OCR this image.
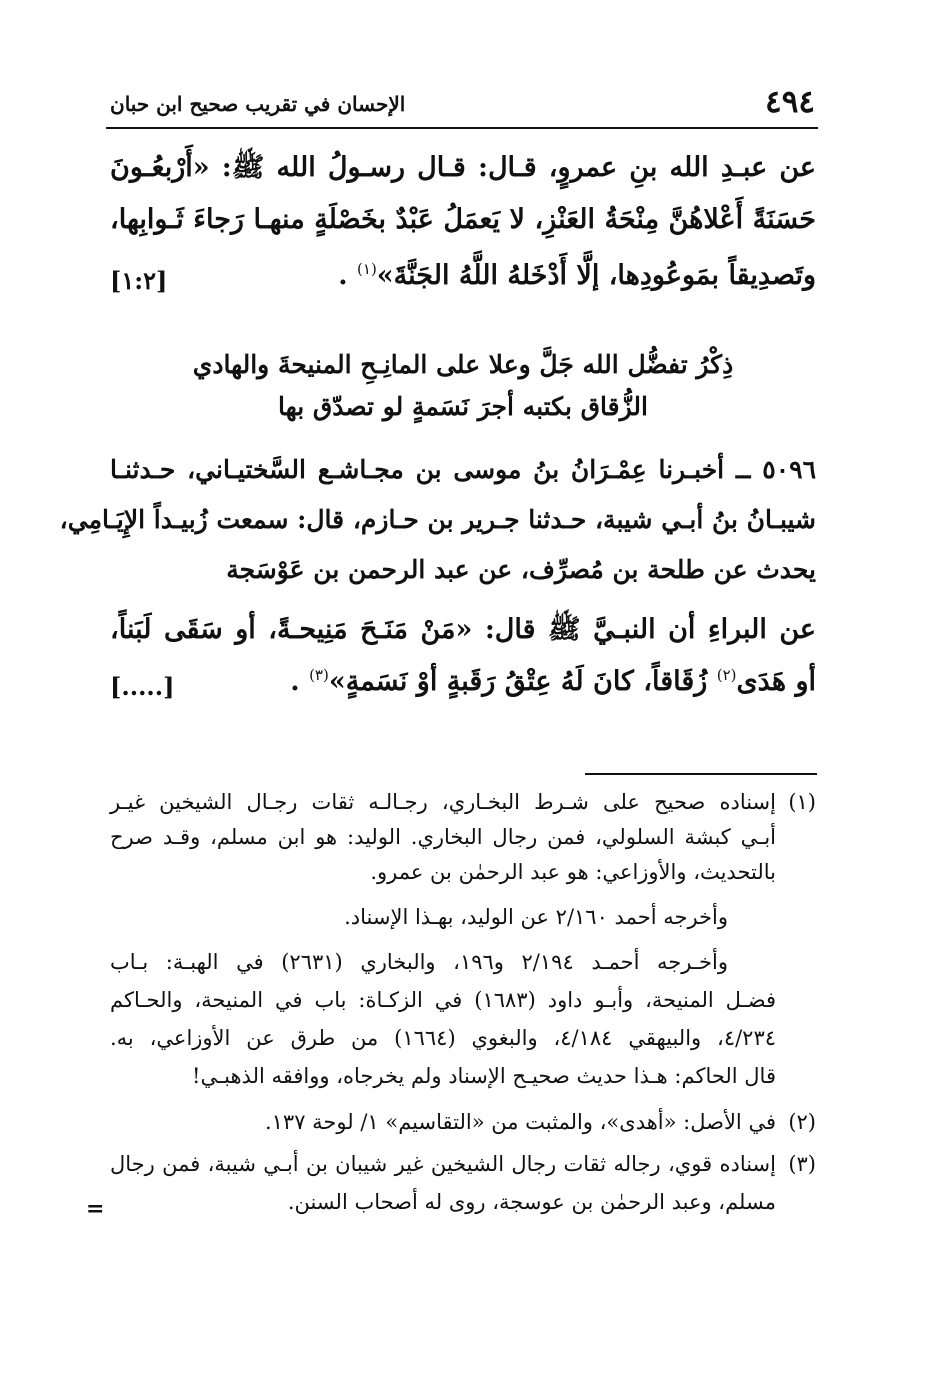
٤٩٤
الإحسان في تقريب صحيح ابن حبان
عن عبـدِ الله بنِ عمروٍ، قـال: قـال رسـولُ الله ﷺ: «أَرْبعُـونَ
حَسَنَةً أَعْلاهُنَّ مِنْحَةُ العَنْزِ، لا يَعمَلُ عَبْدٌ بخَصْلَةٍ منهـا رَجاءَ ثَـوابِها،
وتَصدِيقاً بمَوعُودِها، إلَّا أَدْخَلهُ اللَّهُ الجَنَّةَ»$^{(١)}$ .
[١:٢]
ذِكْرُ تفضُّل الله جَلَّ وعلا على المانِـحِ المنيحةَ والهادي
الزُّقاق بكتبه أجرَ نَسَمةٍ لو تصدّق بها
٥٠٩٦ ــ أخبـرنا عِمْـرَانُ بنُ موسى بن مجـاشـع السَّختيـاني، حـدثنـا
شيبـانُ بنُ أبـي شيبة، حـدثنا جـرير بن حـازم، قال: سمعت زُبيـداً الإِيَـامِي،
يحدث عن طلحة بن مُصرِّف، عن عبد الرحمن بن عَوْسَجة
عن البراءِ أن النبـيَّ ﷺ قال: «مَنْ مَنَـحَ مَنِيحـةً، أو سَقَى لَبَناً،
أو هَدَى$^{(٢)}$ زُقَاقاً، كانَ لَهُ عِتْقُ رَقَبةٍ أوْ نَسَمةٍ»$^{(٣)}$ .
[.....]
(١)
إسناده صحيح على شـرط البخـاري، رجـالـه ثقات رجـال الشيخين غيـر
أبـي كبشة السلولي، فمن رجال البخاري. الوليد: هو ابن مسلم، وقـد صرح
بالتحديث، والأوزاعي: هو عبد الرحمٰن بن عمرو.
وأخرجه أحمد ٢/١٦٠ عن الوليد، بهـذا الإسناد.
وأخـرجه أحمـد ٢/١٩٤ و١٩٦، والبخاري (٢٦٣١) في الهبـة: بـاب
فضـل المنيحة، وأبـو داود (١٦٨٣) في الزكـاة: باب في المنيحة، والحـاكم
٤/٢٣٤، والبيهقي ٤/١٨٤، والبغوي (١٦٦٤) من طرق عن الأوزاعي، به.
قال الحاكم: هـذا حديث صحيـح الإسناد ولم يخرجاه، ووافقه الذهبـي!
(٢)
في الأصل: «أهدى»، والمثبت من «التقاسيم» ١/ لوحة ١٣٧.
(٣)
إسناده قوي، رجاله ثقات رجال الشيخين غير شيبان بن أبـي شيبة، فمن رجال
مسلم، وعبد الرحمٰن بن عوسجة، روى له أصحاب السنن.
=
